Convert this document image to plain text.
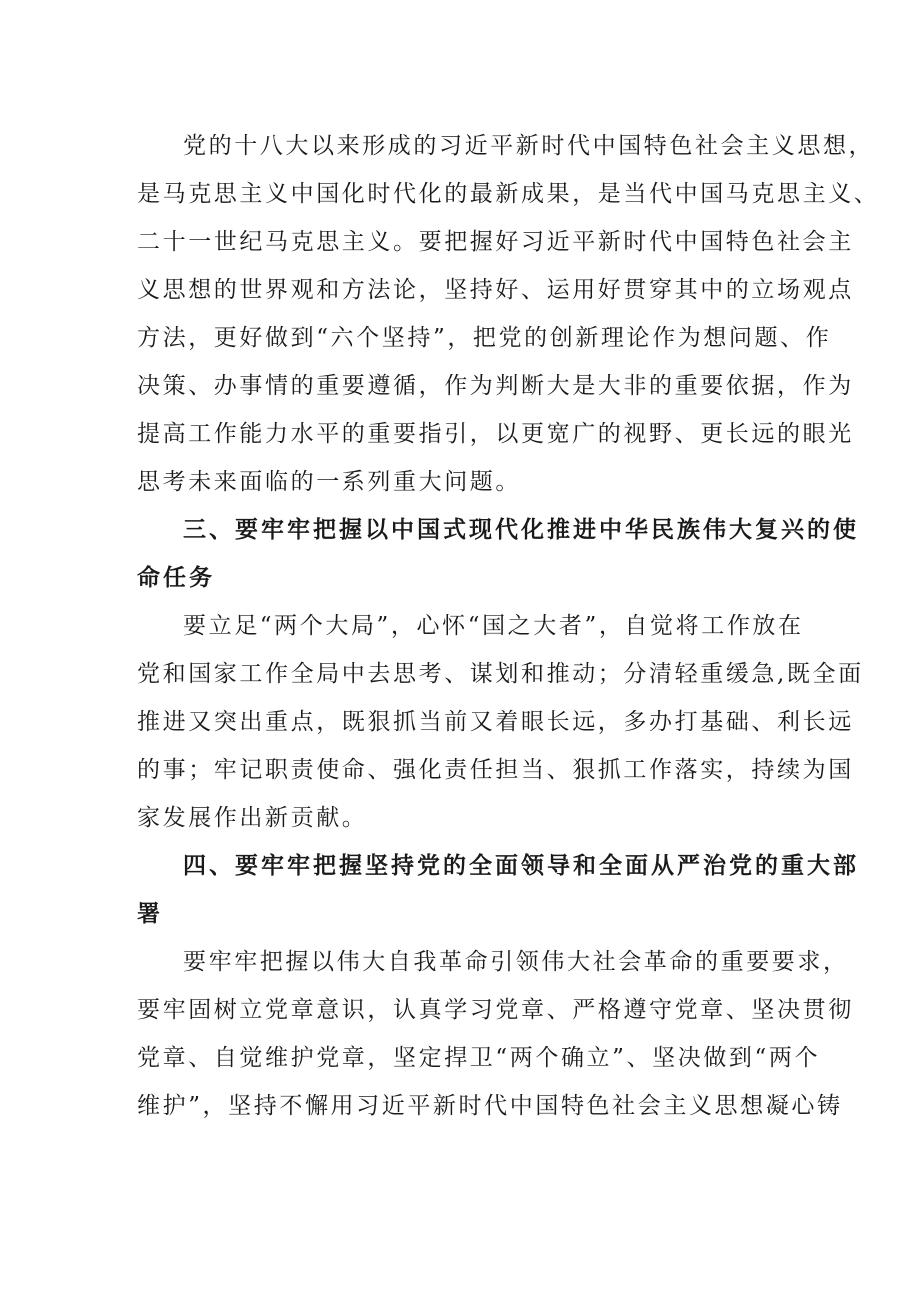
党的十八大以来形成的习近平新时代中国特色社会主义思想，
是马克思主义中国化时代化的最新成果，是当代中国马克思主义、
二十一世纪马克思主义。要把握好习近平新时代中国特色社会主
义思想的世界观和方法论，坚持好、运用好贯穿其中的立场观点
方法，更好做到“六个坚持”，把党的创新理论作为想问题、作
决策、办事情的重要遵循，作为判断大是大非的重要依据，作为
提高工作能力水平的重要指引，以更宽广的视野、更长远的眼光
思考未来面临的一系列重大问题。

三、要牢牢把握以中国式现代化推进中华民族伟大复兴的使
命任务

要立足“两个大局”，心怀“国之大者”，自觉将工作放在
党和国家工作全局中去思考、谋划和推动；分清轻重缓急,既全面
推进又突出重点，既狠抓当前又着眼长远，多办打基础、利长远
的事；牢记职责使命、强化责任担当、狠抓工作落实，持续为国
家发展作出新贡献。

四、要牢牢把握坚持党的全面领导和全面从严治党的重大部
署

要牢牢把握以伟大自我革命引领伟大社会革命的重要要求，
要牢固树立党章意识，认真学习党章、严格遵守党章、坚决贯彻
党章、自觉维护党章，坚定捍卫“两个确立”、坚决做到“两个
维护”，坚持不懈用习近平新时代中国特色社会主义思想凝心铸
